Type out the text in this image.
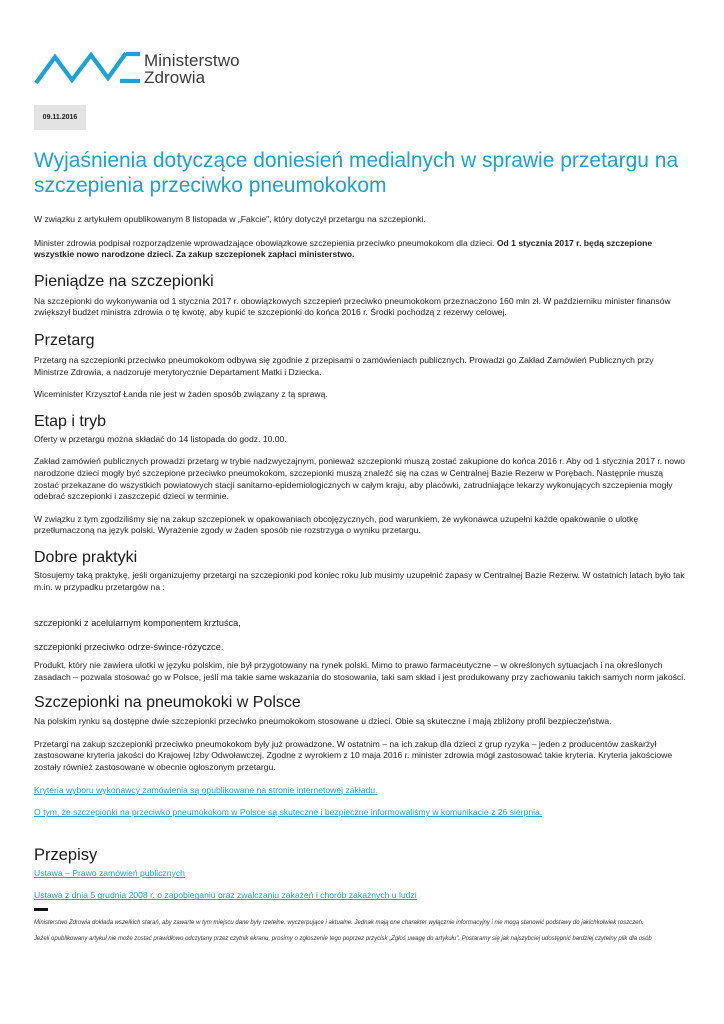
Ministerstwo
Zdrowia
09.11.2016
Wyjaśnienia dotyczące doniesień medialnych w sprawie przetargu na szczepienia przeciwko pneumokokom

W związku z artykułem opublikowanym 8 listopada w „Fakcie", który dotyczył przetargu na szczepionki.

Minister zdrowia podpisał rozporządzenie wprowadzające obowiązkowe szczepienia przeciwko pneumokokom dla dzieci. Od 1 stycznia 2017 r. będą szczepione wszystkie nowo narodzone dzieci. Za zakup szczepionek zapłaci ministerstwo.

Pieniądze na szczepionki

Na szczepionki do wykonywania od 1 stycznia 2017 r. obowiązkowych szczepień przeciwko pneumokokom przeznaczono 160 mln zł. W październiku minister finansów zwiększył budżet ministra zdrowia o tę kwotę, aby kupić te szczepionki do końca 2016 r. Środki pochodzą z rezerwy celowej.

Przetarg

Przetarg na szczepionki przeciwko pneumokokom odbywa się zgodnie z przepisami o zamówieniach publicznych. Prowadzi go Zakład Zamówień Publicznych przy Ministrze Zdrowia, a nadzoruje merytorycznie Departament Matki i Dziecka.

Wiceminister Krzysztof Łanda nie jest w żaden sposób związany z tą sprawą.

Etap i tryb

Oferty w przetargu można składać do 14 listopada do godz. 10.00.

Zakład zamówień publicznych prowadzi przetarg w trybie nadzwyczajnym, ponieważ szczepionki muszą zostać zakupione do końca 2016 r. Aby od 1 stycznia 2017 r. nowo narodzone dzieci mogły być szczepione przeciwko pneumokokom, szczepionki muszą znaleźć się na czas w Centralnej Bazie Rezerw w Porębach. Następnie muszą zostać przekazane do wszystkich powiatowych stacji sanitarno-epidemiologicznych w całym kraju, aby placówki, zatrudniające lekarzy wykonujących szczepienia mogły odebrać szczepionki i zaszczepić dzieci w terminie.

W związku z tym zgodziliśmy się na zakup szczepionek w opakowaniach obcojęzycznych, pod warunkiem, że wykonawca uzupełni każde opakowanie o ulotkę przetłumaczoną na język polski. Wyrażenie zgody w żaden sposób nie rozstrzyga o wyniku przetargu.

Dobre praktyki

Stosujemy taką praktykę, jeśli organizujemy przetargi na szczepionki pod koniec roku lub musimy uzupełnić zapasy w Centralnej Bazie Rezerw. W ostatnich latach było tak m.in. w przypadku przetargów na :

szczepionki z acelularnym komponentem krztuśca,

szczepionki przeciwko odrze-śwince-różyczce.

Produkt, który nie zawiera ulotki w języku polskim, nie był przygotowany na rynek polski. Mimo to prawo farmaceutyczne – w określonych sytuacjach i na określonych zasadach – pozwala stosować go w Polsce, jeśli ma takie same wskazania do stosowania, taki sam skład i jest produkowany przy zachowaniu takich samych norm jakości.

Szczepionki na pneumokoki w Polsce

Na polskim rynku są dostępne dwie szczepionki przeciwko pneumokokom stosowane u dzieci. Obie są skuteczne i mają zbliżony profil bezpieczeństwa.

Przetargi na zakup szczepionki przeciwko pneumokokom były już prowadzone. W ostatnim – na ich zakup dla dzieci z grup ryzyka – jeden z producentów zaskarżył zastosowane kryteria jakości do Krajowej Izby Odwoławczej. Zgodne z wyrokiem z 10 maja 2016 r. minister zdrowia mógł zastosować takie kryteria. Kryteria jakościowe zostały również zastosowane w obecnie ogłoszonym przetargu.

Kryteria wyboru wykonawcy zamówienia są opublikowane na stronie internetowej zakładu.

O tym, że szczepionki na przeciwko pneumokokom w Polsce są skuteczne i bezpieczne informowaliśmy w komunikacie z 26 sierpnia.

Przepisy

Ustawa – Prawo zamówień publicznych

Ustawa z dnia 5 grudnia 2008 r. o zapobieganiu oraz zwalczaniu zakażeń i chorób zakaźnych u ludzi

Ministerstwo Zdrowia dokłada wszelkich starań, aby zawarte w tym miejscu dane były rzetelne, wyczerpujące i aktualne. Jednak mają one charakter wyłącznie informacyjny i nie mogą stanowić podstawy do jakichkolwiek roszczeń.

Jeżeli opublikowany artykuł nie może zostać prawidłowo odczytany przez czytnik ekranu, prosimy o zgłoszenie tego poprzez przycisk „Zgłoś uwagę do artykułu". Postaramy się jak najszybciej udostępnić bardziej czytelny plik dla osób
